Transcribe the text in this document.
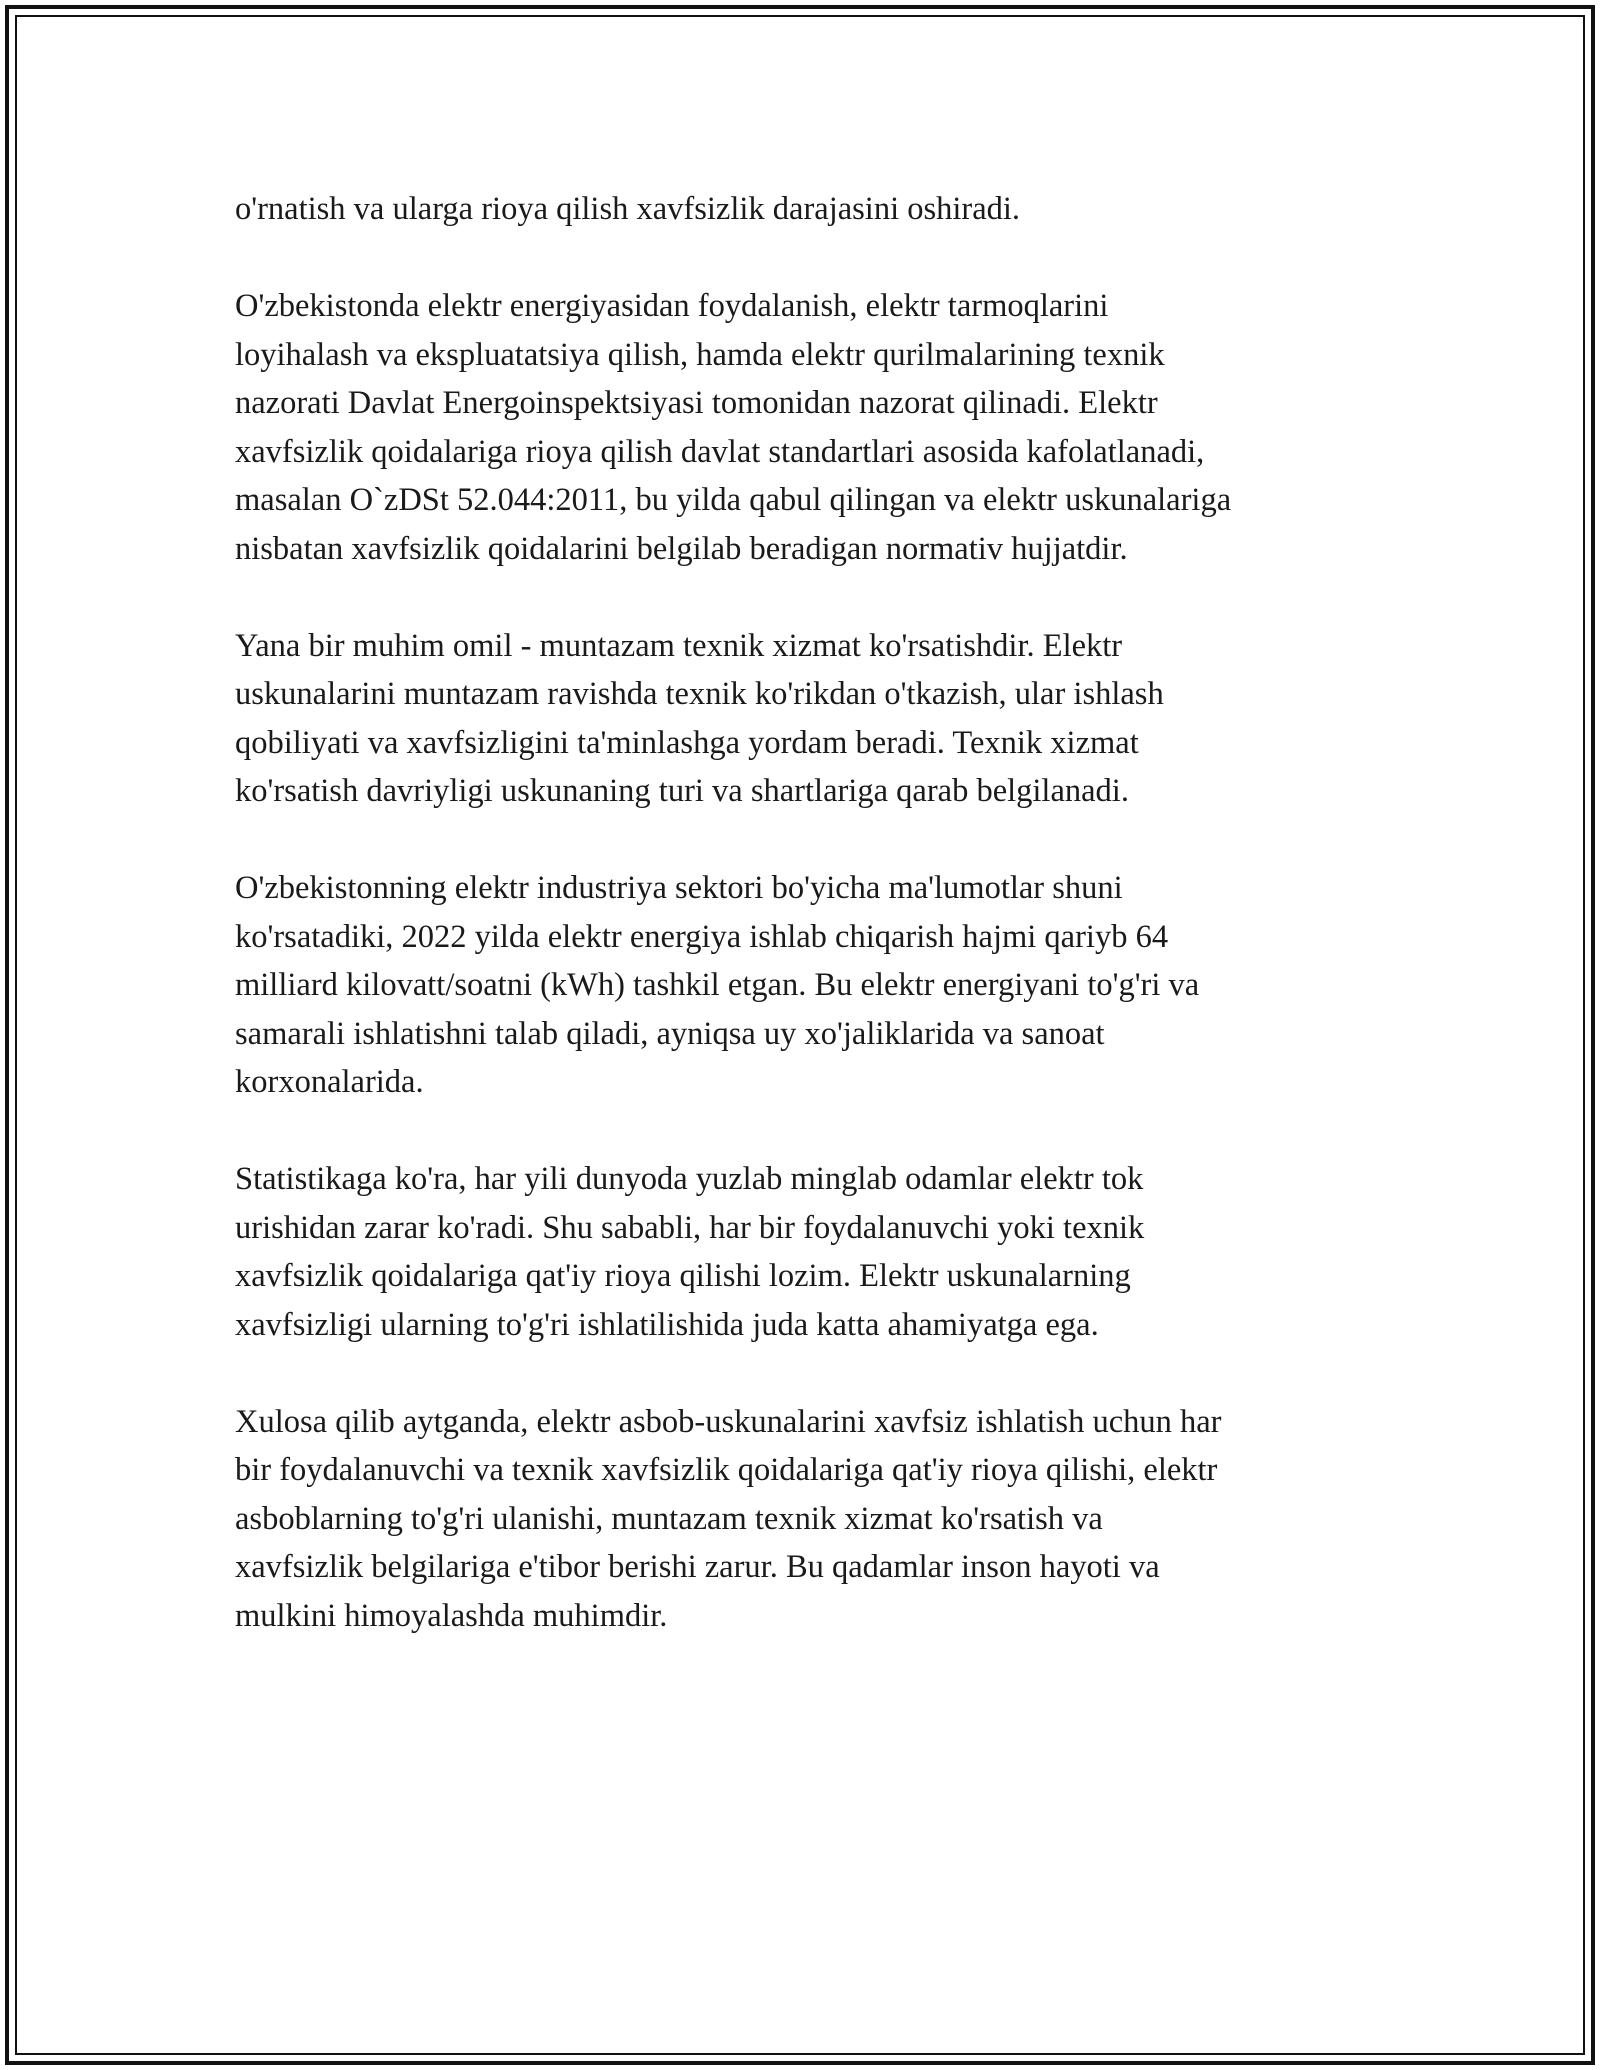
o'rnatish va ularga rioya qilish xavfsizlik darajasini oshiradi.

O'zbekistonda elektr energiyasidan foydalanish, elektr tarmoqlarini
loyihalash va ekspluatatsiya qilish, hamda elektr qurilmalarining texnik
nazorati Davlat Energoinspektsiyasi tomonidan nazorat qilinadi. Elektr
xavfsizlik qoidalariga rioya qilish davlat standartlari asosida kafolatlanadi,
masalan O`zDSt 52.044:2011, bu yilda qabul qilingan va elektr uskunalariga
nisbatan xavfsizlik qoidalarini belgilab beradigan normativ hujjatdir.

Yana bir muhim omil - muntazam texnik xizmat ko'rsatishdir. Elektr
uskunalarini muntazam ravishda texnik ko'rikdan o'tkazish, ular ishlash
qobiliyati va xavfsizligini ta'minlashga yordam beradi. Texnik xizmat
ko'rsatish davriyligi uskunaning turi va shartlariga qarab belgilanadi.

O'zbekistonning elektr industriya sektori bo'yicha ma'lumotlar shuni
ko'rsatadiki, 2022 yilda elektr energiya ishlab chiqarish hajmi qariyb 64
milliard kilovatt/soatni (kWh) tashkil etgan. Bu elektr energiyani to'g'ri va
samarali ishlatishni talab qiladi, ayniqsa uy xo'jaliklarida va sanoat
korxonalarida.

Statistikaga ko'ra, har yili dunyoda yuzlab minglab odamlar elektr tok
urishidan zarar ko'radi. Shu sababli, har bir foydalanuvchi yoki texnik
xavfsizlik qoidalariga qat'iy rioya qilishi lozim. Elektr uskunalarning
xavfsizligi ularning to'g'ri ishlatilishida juda katta ahamiyatga ega.

Xulosa qilib aytganda, elektr asbob-uskunalarini xavfsiz ishlatish uchun har
bir foydalanuvchi va texnik xavfsizlik qoidalariga qat'iy rioya qilishi, elektr
asboblarning to'g'ri ulanishi, muntazam texnik xizmat ko'rsatish va
xavfsizlik belgilariga e'tibor berishi zarur. Bu qadamlar inson hayoti va
mulkini himoyalashda muhimdir.
